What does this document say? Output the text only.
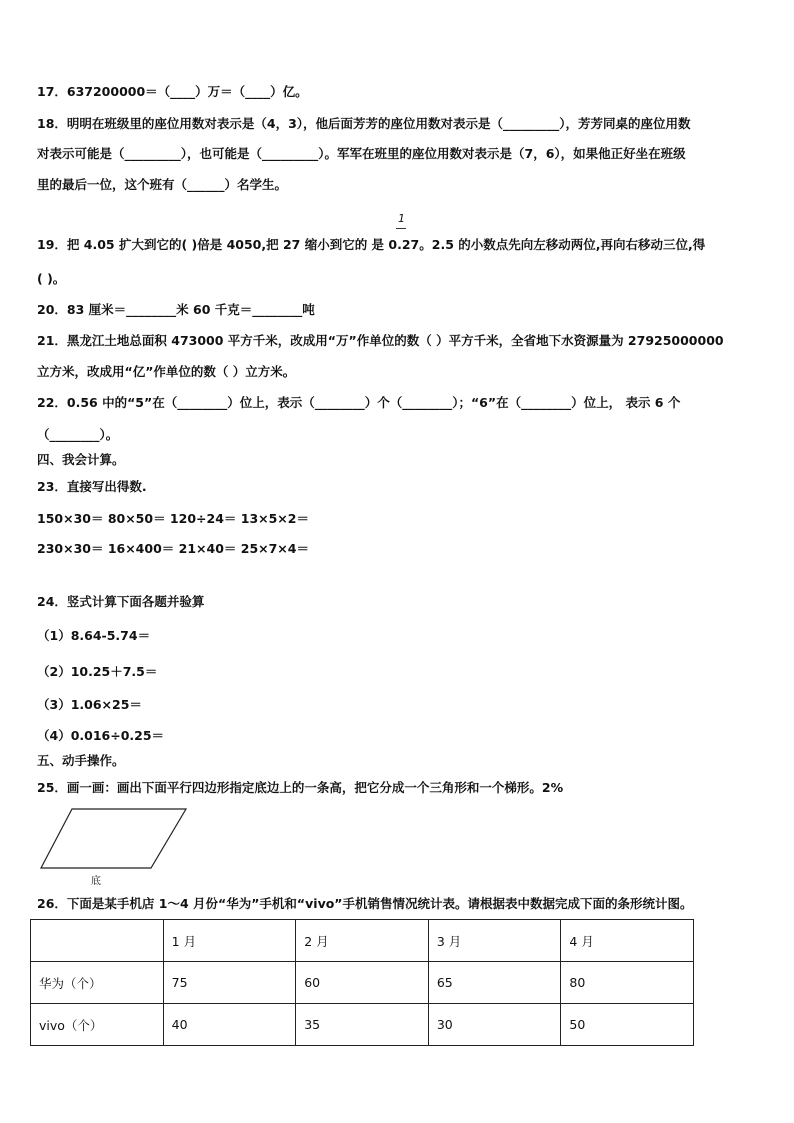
17．637200000＝（____）万＝（____）亿。
18．明明在班级里的座位用数对表示是（4，3），他后面芳芳的座位用数对表示是（_________），芳芳同桌的座位用数
对表示可能是（_________），也可能是（_________）。军军在班里的座位用数对表示是（7，6），如果他正好坐在班级
里的最后一位，这个班有（______）名学生。
1
19．把 4.05 扩大到它的( )倍是 4050,把 27 缩小到它的 是 0.27。2.5 的小数点先向左移动两位,再向右移动三位,得
( )。
20．83 厘米＝________米 60 千克＝________吨
21．黑龙江土地总面积 473000 平方千米，改成用“万”作单位的数（ ）平方千米，全省地下水资源量为 27925000000
立方米，改成用“亿”作单位的数（ ）立方米。
22．0.56 中的“5”在（________）位上，表示（________）个（________）；“6”在（________）位上， 表示 6 个
（________）。
四、我会计算。
23．直接写出得数.
150×30＝ 80×50＝ 120÷24＝ 13×5×2＝
230×30＝ 16×400＝ 21×40＝ 25×7×4＝
24．竖式计算下面各题并验算
（1）8.64-5.74＝
（2）10.25＋7.5＝
（3）1.06×25＝
（4）0.016÷0.25＝
五、动手操作。
25．画一画：画出下面平行四边形指定底边上的一条高，把它分成一个三角形和一个梯形。2%
底
26．下面是某手机店 1～4 月份“华为”手机和“vivo”手机销售情况统计表。请根据表中数据完成下面的条形统计图。
	1 月	2 月	3 月	4 月
华为（个）	75	60	65	80
vivo（个）	40	35	30	50
